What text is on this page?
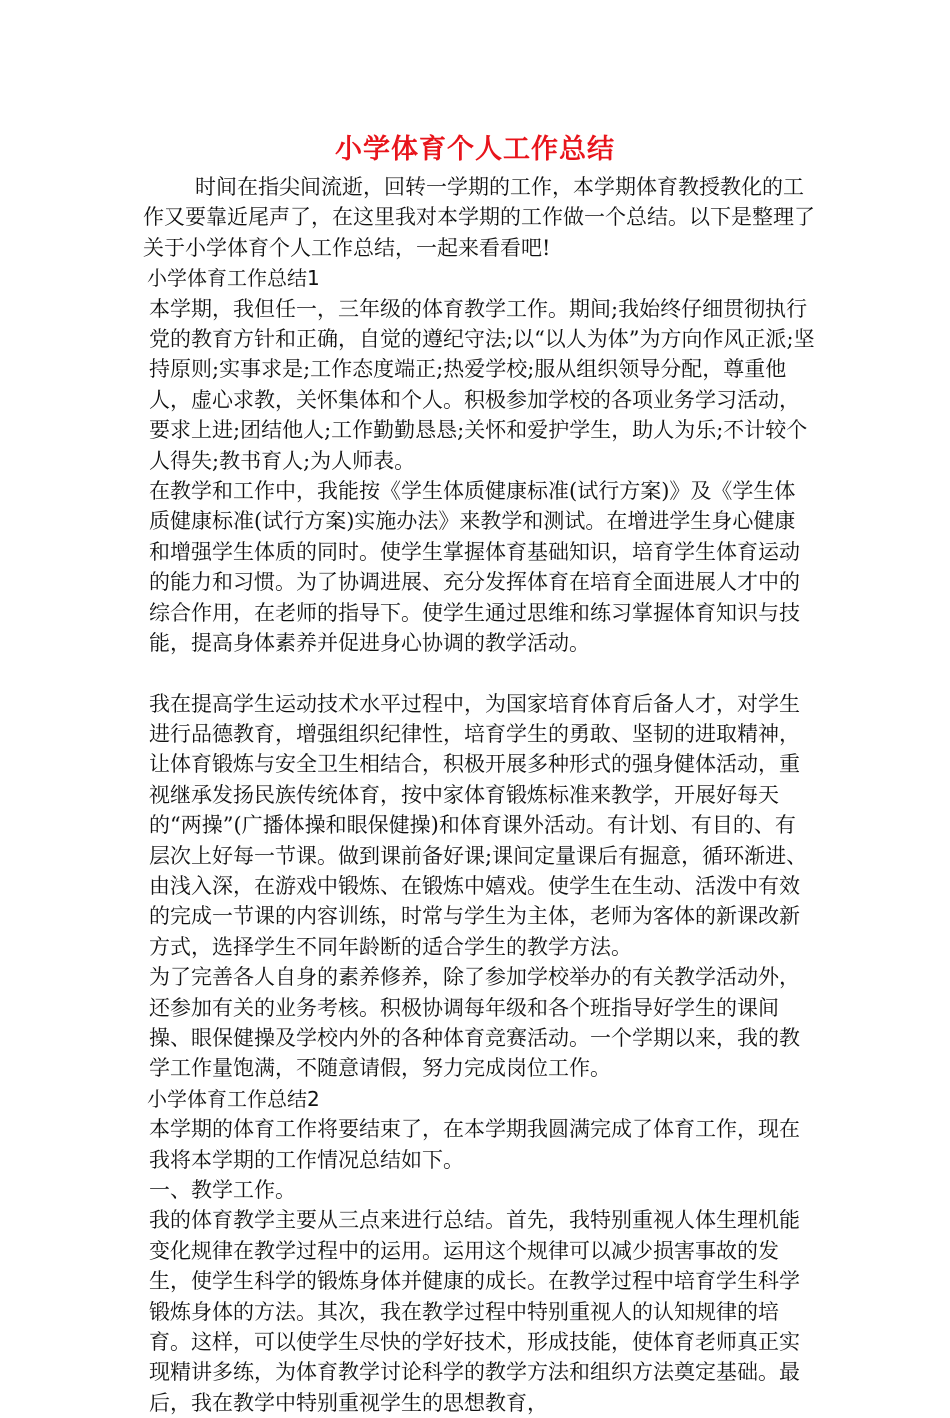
小学体育个人工作总结

时间在指尖间流逝，回转一学期的工作，本学期体育教授教化的工作又要靠近尾声了，在这里我对本学期的工作做一个总结。以下是整理了关于小学体育个人工作总结，一起来看看吧!

小学体育工作总结1

本学期，我但任一，三年级的体育教学工作。期间;我始终仔细贯彻执行党的教育方针和正确，自觉的遵纪守法;以“以人为体”为方向作风正派;坚持原则;实事求是;工作态度端正;热爱学校;服从组织领导分配，尊重他人，虚心求教，关怀集体和个人。积极参加学校的各项业务学习活动，要求上进;团结他人;工作勤勤恳恳;关怀和爱护学生，助人为乐;不计较个人得失;教书育人;为人师表。

在教学和工作中，我能按《学生体质健康标准(试行方案)》及《学生体质健康标准(试行方案)实施办法》来教学和测试。在增进学生身心健康和增强学生体质的同时。使学生掌握体育基础知识，培育学生体育运动的能力和习惯。为了协调进展、充分发挥体育在培育全面进展人才中的综合作用，在老师的指导下。使学生通过思维和练习掌握体育知识与技能，提高身体素养并促进身心协调的教学活动。

我在提高学生运动技术水平过程中，为国家培育体育后备人才，对学生进行品德教育，增强组织纪律性，培育学生的勇敢、坚韧的进取精神，让体育锻炼与安全卫生相结合，积极开展多种形式的强身健体活动，重视继承发扬民族传统体育，按中家体育锻炼标准来教学，开展好每天的“两操”(广播体操和眼保健操)和体育课外活动。有计划、有目的、有层次上好每一节课。做到课前备好课;课间定量课后有掘意，循环渐进、由浅入深，在游戏中锻炼、在锻炼中嬉戏。使学生在生动、活泼中有效的完成一节课的内容训练，时常与学生为主体，老师为客体的新课改新方式，选择学生不同年龄断的适合学生的教学方法。

为了完善各人自身的素养修养，除了参加学校举办的有关教学活动外，还参加有关的业务考核。积极协调每年级和各个班指导好学生的课间操、眼保健操及学校内外的各种体育竞赛活动。一个学期以来，我的教学工作量饱满，不随意请假，努力完成岗位工作。

小学体育工作总结2

本学期的体育工作将要结束了，在本学期我圆满完成了体育工作，现在我将本学期的工作情况总结如下。

一、教学工作。

我的体育教学主要从三点来进行总结。首先，我特别重视人体生理机能变化规律在教学过程中的运用。运用这个规律可以减少损害事故的发生，使学生科学的锻炼身体并健康的成长。在教学过程中培育学生科学锻炼身体的方法。其次，我在教学过程中特别重视人的认知规律的培育。这样，可以使学生尽快的学好技术，形成技能，使体育老师真正实现精讲多练，为体育教学讨论科学的教学方法和组织方法奠定基础。最后，我在教学中特别重视学生的思想教育，
